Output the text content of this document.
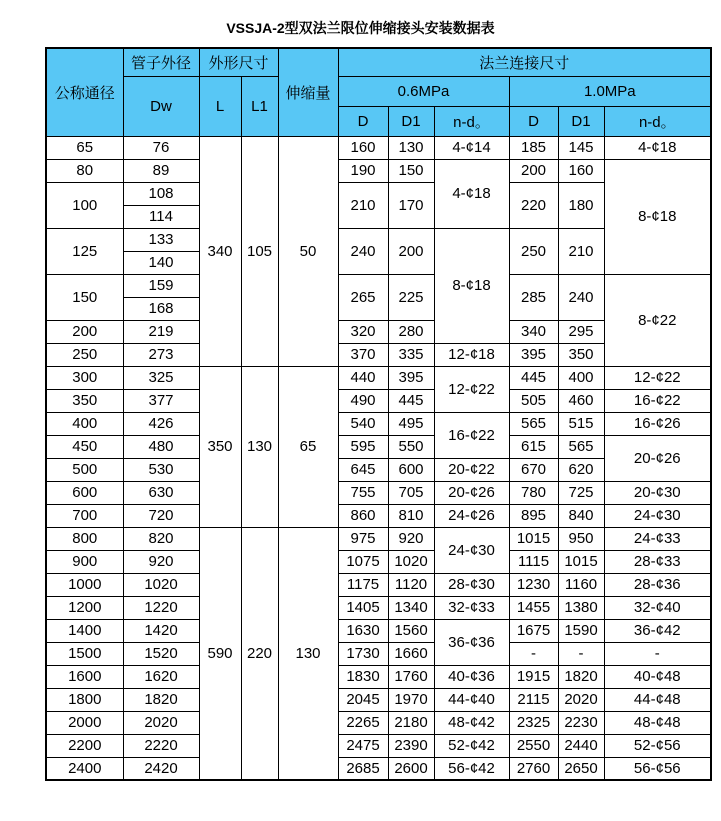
VSSJA-2型双法兰限位伸缩接头安装数据表
公称通径	管子外径	外形尺寸		伸缩量	法兰连接尺寸					
	Dw	L	L1		0.6MPa			1.0MPa		
					D	D1	n-d。	D	D1	n-d。
65	76	340	105	50	160	130	4-¢14	185	145	4-¢18
80	89				190	150	4-¢18	200	160	8-¢18
100	108				210	170		220	180	
	114									
125	133				240	200	8-¢18	250	210	
	140									
150	159				265	225		285	240	8-¢22
	168									
200	219				320	280		340	295	
250	273				370	335	12-¢18	395	350	
300	325	350	130	65	440	395	12-¢22	445	400	12-¢22
350	377				490	445		505	460	16-¢22
400	426				540	495	16-¢22	565	515	16-¢26
450	480				595	550		615	565	20-¢26
500	530				645	600	20-¢22	670	620	
600	630				755	705	20-¢26	780	725	20-¢30
700	720				860	810	24-¢26	895	840	24-¢30
800	820	590	220	130	975	920	24-¢30	1015	950	24-¢33
900	920				1075	1020		1115	1015	28-¢33
1000	1020				1175	1120	28-¢30	1230	1160	28-¢36
1200	1220				1405	1340	32-¢33	1455	1380	32-¢40
1400	1420				1630	1560	36-¢36	1675	1590	36-¢42
1500	1520				1730	1660		-	-	-
1600	1620				1830	1760	40-¢36	1915	1820	40-¢48
1800	1820				2045	1970	44-¢40	2115	2020	44-¢48
2000	2020				2265	2180	48-¢42	2325	2230	48-¢48
2200	2220				2475	2390	52-¢42	2550	2440	52-¢56
2400	2420				2685	2600	56-¢42	2760	2650	56-¢56
